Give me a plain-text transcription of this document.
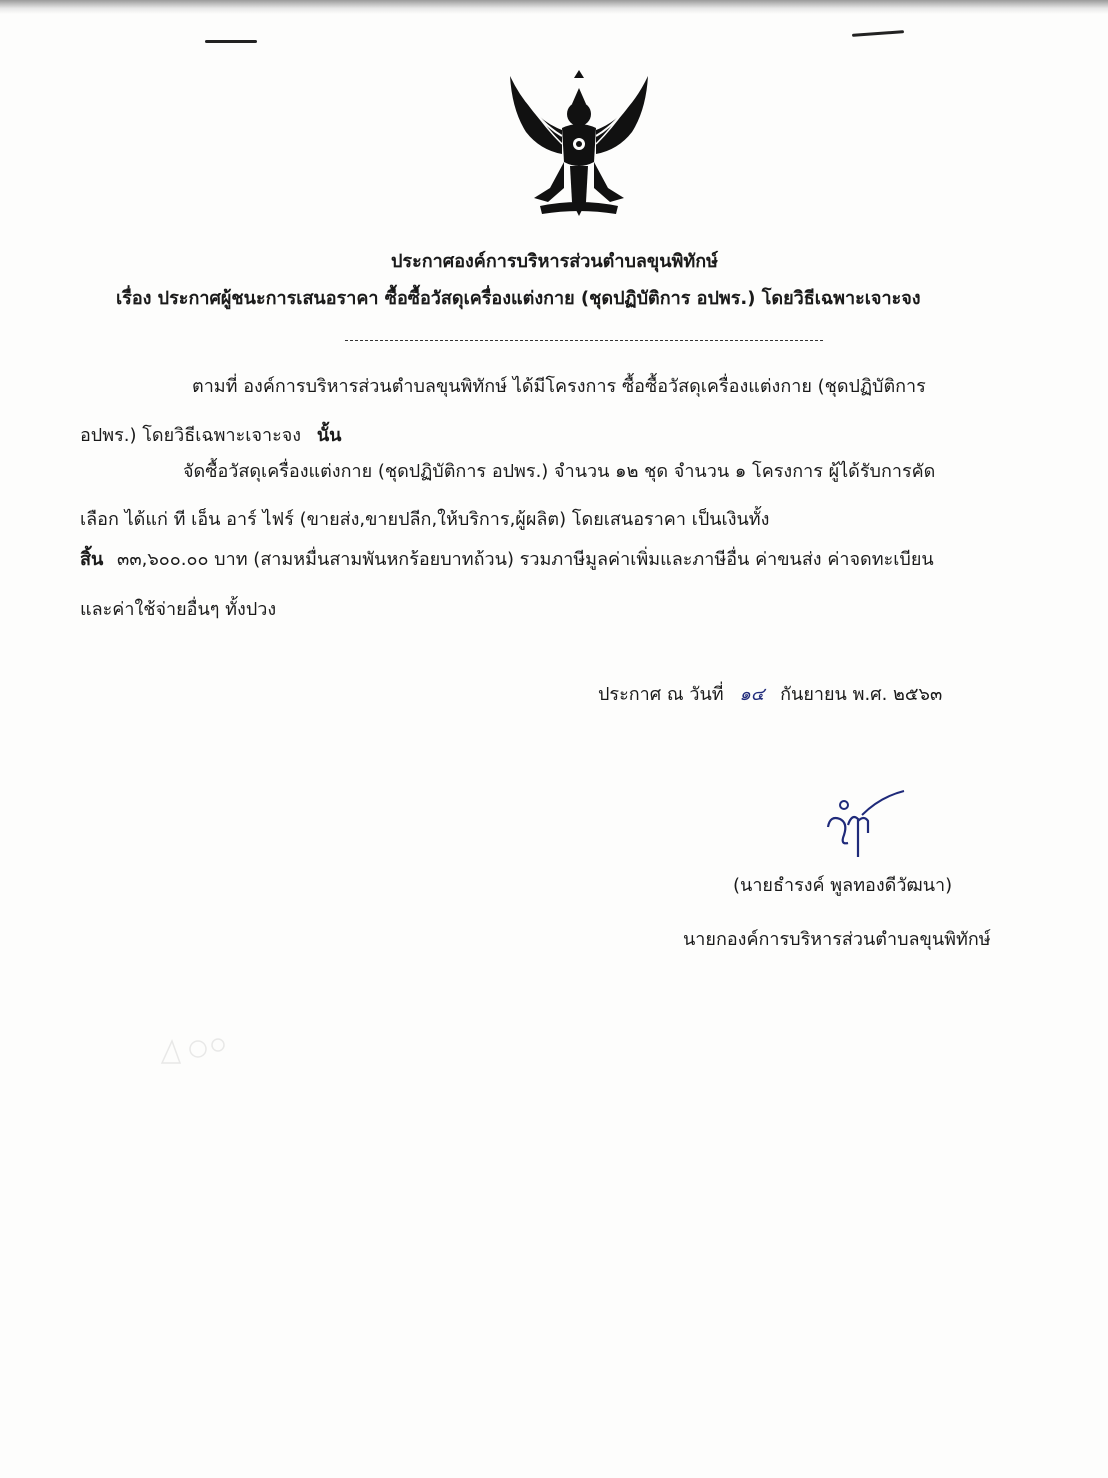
ประกาศองค์การบริหารส่วนตำบลขุนพิทักษ์
เรื่อง ประกาศผู้ชนะการเสนอราคา ซื้อซื้อวัสดุเครื่องแต่งกาย (ชุดปฏิบัติการ อปพร.) โดยวิธีเฉพาะเจาะจง
ตามที่ องค์การบริหารส่วนตำบลขุนพิทักษ์ ได้มีโครงการ ซื้อซื้อวัสดุเครื่องแต่งกาย (ชุดปฏิบัติการ
อปพร.) โดยวิธีเฉพาะเจาะจง นั้น
จัดซื้อวัสดุเครื่องแต่งกาย (ชุดปฏิบัติการ อปพร.) จำนวน ๑๒ ชุด จำนวน ๑ โครงการ ผู้ได้รับการคัด
เลือก ได้แก่ ที เอ็น อาร์ ไฟร์ (ขายส่ง,ขายปลีก,ให้บริการ,ผู้ผลิต) โดยเสนอราคา เป็นเงินทั้ง
สิ้น ๓๓,๖๐๐.๐๐ บาท (สามหมื่นสามพันหกร้อยบาทถ้วน) รวมภาษีมูลค่าเพิ่มและภาษีอื่น ค่าขนส่ง ค่าจดทะเบียน
และค่าใช้จ่ายอื่นๆ ทั้งปวง
ประกาศ ณ วันที่ ๑๔ กันยายน พ.ศ. ๒๕๖๓
(นายธำรงค์ พูลทองดีวัฒนา)
นายกองค์การบริหารส่วนตำบลขุนพิทักษ์
